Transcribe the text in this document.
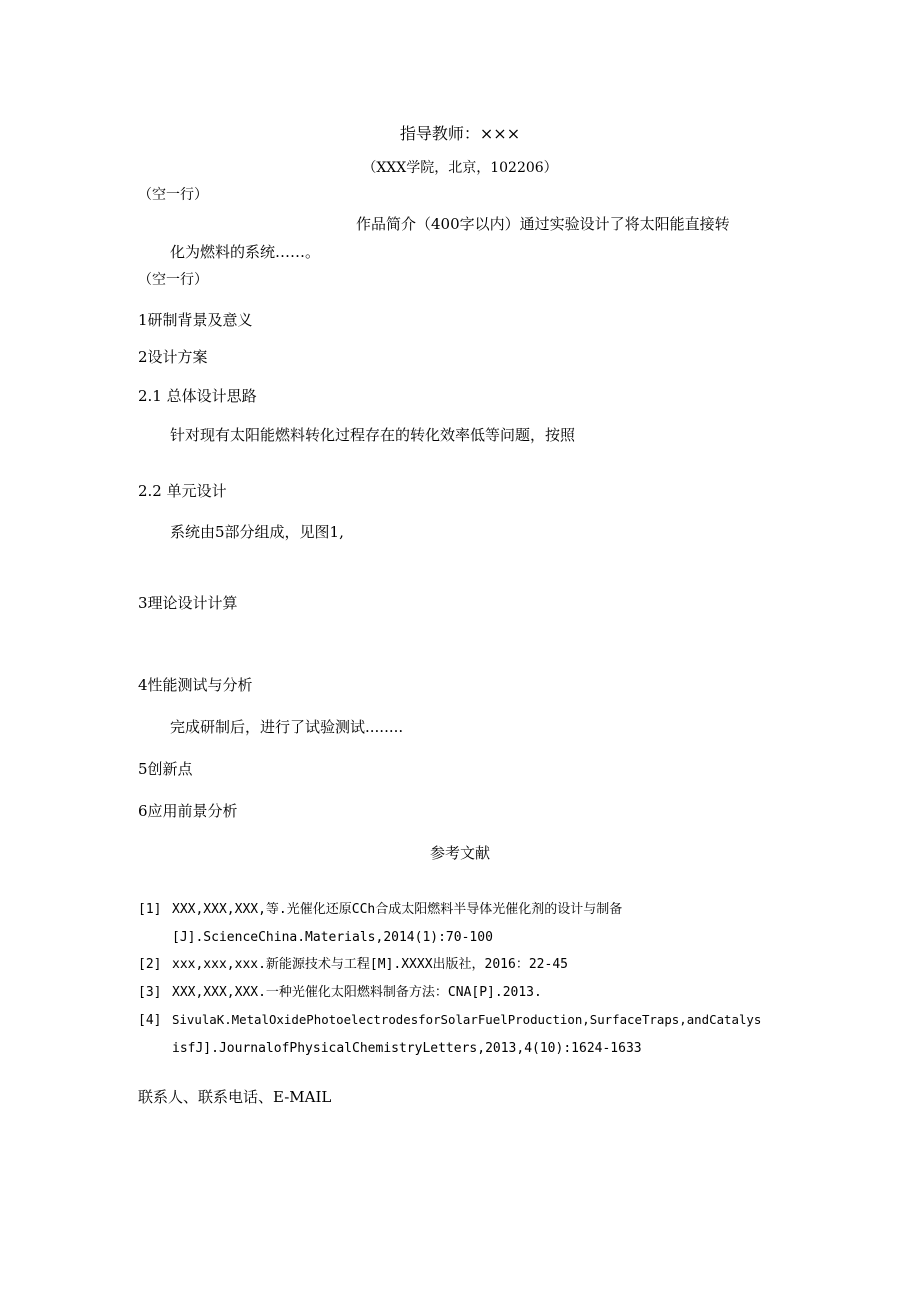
指导教师：×××
（XXX学院，北京，102206）
（空一行）
作品简介（400字以内）通过实验设计了将太阳能直接转
化为燃料的系统……。
（空一行）
1研制背景及意义
2设计方案
2.1 总体设计思路
针对现有太阳能燃料转化过程存在的转化效率低等问题，按照
2.2 单元设计
系统由5部分组成，见图1,
3理论设计计算
4性能测试与分析
完成研制后，进行了试验测试........
5创新点
6应用前景分析
参考文献
[1] XXX,XXX,XXX,等.光催化还原CCh合成太阳燃料半导体光催化剂的设计与制备
[J].ScienceChina.Materials,2014(1):70-100
[2] xxx,xxx,xxx.新能源技术与工程[M].XXXX出版社，2016：22-45
[3] XXX,XXX,XXX.一种光催化太阳燃料制备方法：CNA[P].2013.
[4] SivulaK.MetalOxidePhotoelectrodesforSolarFuelProduction,SurfaceTraps,andCatalys
isfJ].JournalofPhysicalChemistryLetters,2013,4(10):1624-1633
联系人、联系电话、E-MAIL
